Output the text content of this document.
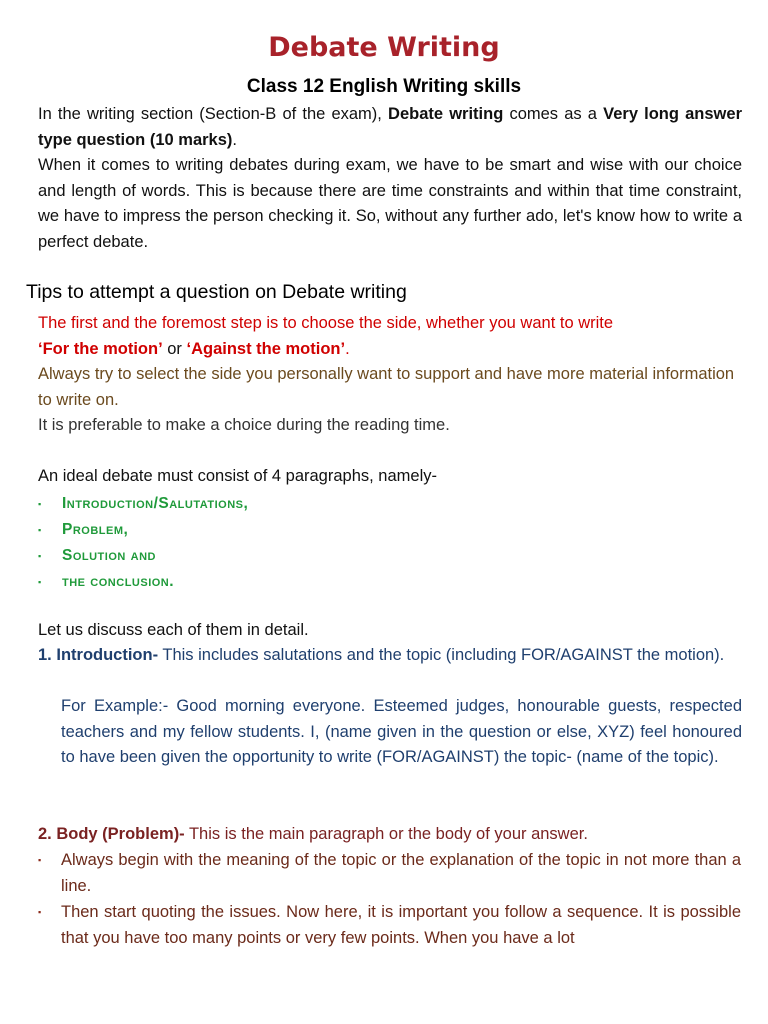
Debate Writing
Class 12 English Writing skills
In the writing section (Section-B of the exam), Debate writing comes as a Very long answer type question (10 marks).
When it comes to writing debates during exam, we have to be smart and wise with our choice and length of words. This is because there are time constraints and within that time constraint, we have to impress the person checking it. So, without any further ado, let's know how to write a perfect debate.
Tips to attempt a question on Debate writing
The first and the foremost step is to choose the side, whether you want to write
‘For the motion’ or ‘Against the motion’.
Always try to select the side you personally want to support and have more material information to write on.
It is preferable to make a choice during the reading time.
An ideal debate must consist of 4 paragraphs, namely-
▪ Introduction/Salutations,
▪ Problem,
▪ Solution and
▪ the conclusion.
Let us discuss each of them in detail.
1. Introduction- This includes salutations and the topic (including FOR/AGAINST the motion).
For Example:- Good morning everyone. Esteemed judges, honourable guests, respected teachers and my fellow students. I, (name given in the question or else, XYZ) feel honoured to have been given the opportunity to write (FOR/AGAINST) the topic- (name of the topic).
2. Body (Problem)- This is the main paragraph or the body of your answer.
▪ Always begin with the meaning of the topic or the explanation of the topic in not more than a line.
▪ Then start quoting the issues. Now here, it is important you follow a sequence. It is possible that you have too many points or very few points. When you have a lot
